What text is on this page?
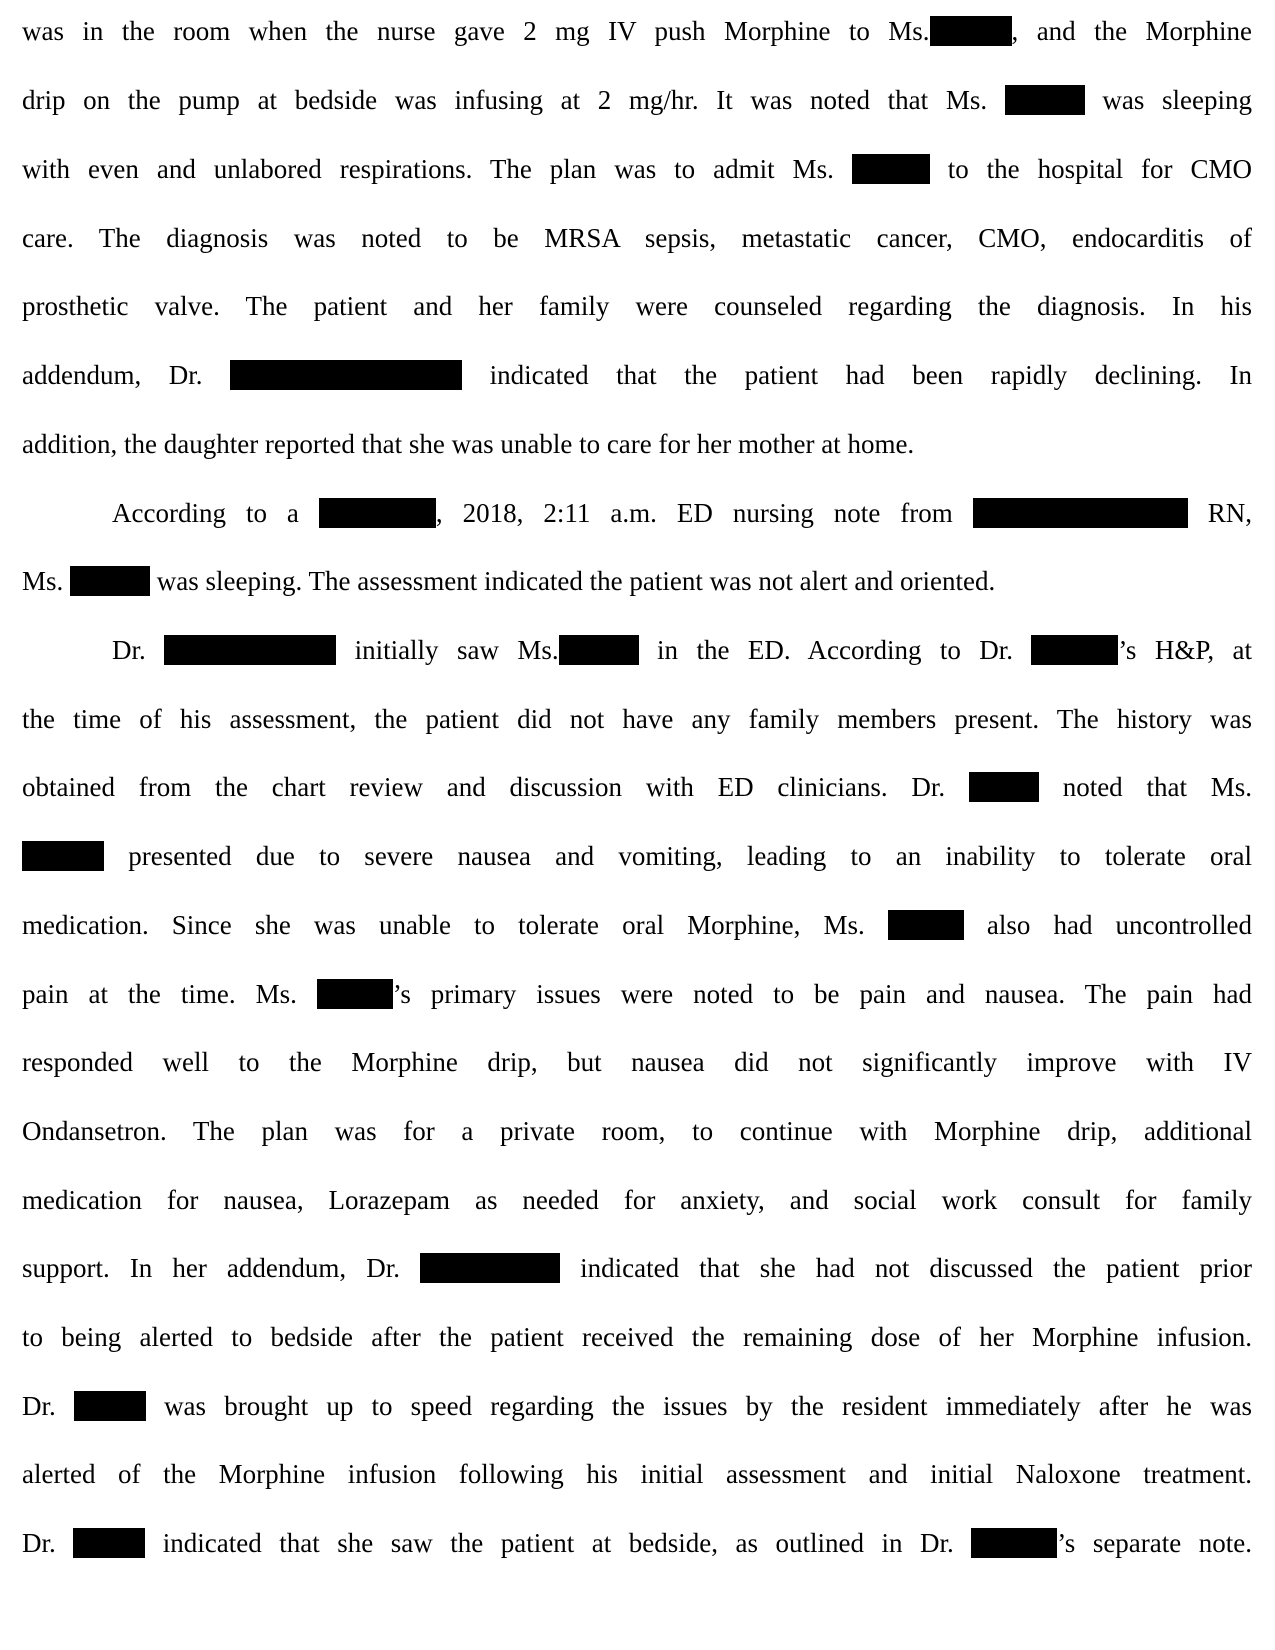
was in the room when the nurse gave 2 mg IV push Morphine to Ms.	, and the Morphine
drip on the pump at bedside was infusing at 2 mg/hr. It was noted that Ms.	was sleeping
with even and unlabored respirations. The plan was to admit Ms.	to the hospital for CMO
care. The diagnosis was noted to be MRSA sepsis, metastatic cancer, CMO, endocarditis of
prosthetic valve. The patient and her family were counseled regarding the diagnosis. In his
addendum, Dr.	indicated that the patient had been rapidly declining. In
addition, the daughter reported that she was unable to care for her mother at home.
According to a	, 2018, 2:11 a.m. ED nursing note from	RN,
Ms.	was sleeping. The assessment indicated the patient was not alert and oriented.
Dr.	initially saw Ms.	in the ED. According to Dr.	’s H&P, at
the time of his assessment, the patient did not have any family members present. The history was
obtained from the chart review and discussion with ED clinicians. Dr.	noted that Ms.
presented due to severe nausea and vomiting, leading to an inability to tolerate oral
medication. Since she was unable to tolerate oral Morphine, Ms.	also had uncontrolled
pain at the time. Ms.	’s primary issues were noted to be pain and nausea. The pain had
responded well to the Morphine drip, but nausea did not significantly improve with IV
Ondansetron. The plan was for a private room, to continue with Morphine drip, additional
medication for nausea, Lorazepam as needed for anxiety, and social work consult for family
support. In her addendum, Dr.	indicated that she had not discussed the patient prior
to being alerted to bedside after the patient received the remaining dose of her Morphine infusion.
Dr.	was brought up to speed regarding the issues by the resident immediately after he was
alerted of the Morphine infusion following his initial assessment and initial Naloxone treatment.
Dr.	indicated that she saw the patient at bedside, as outlined in Dr.	’s separate note.
